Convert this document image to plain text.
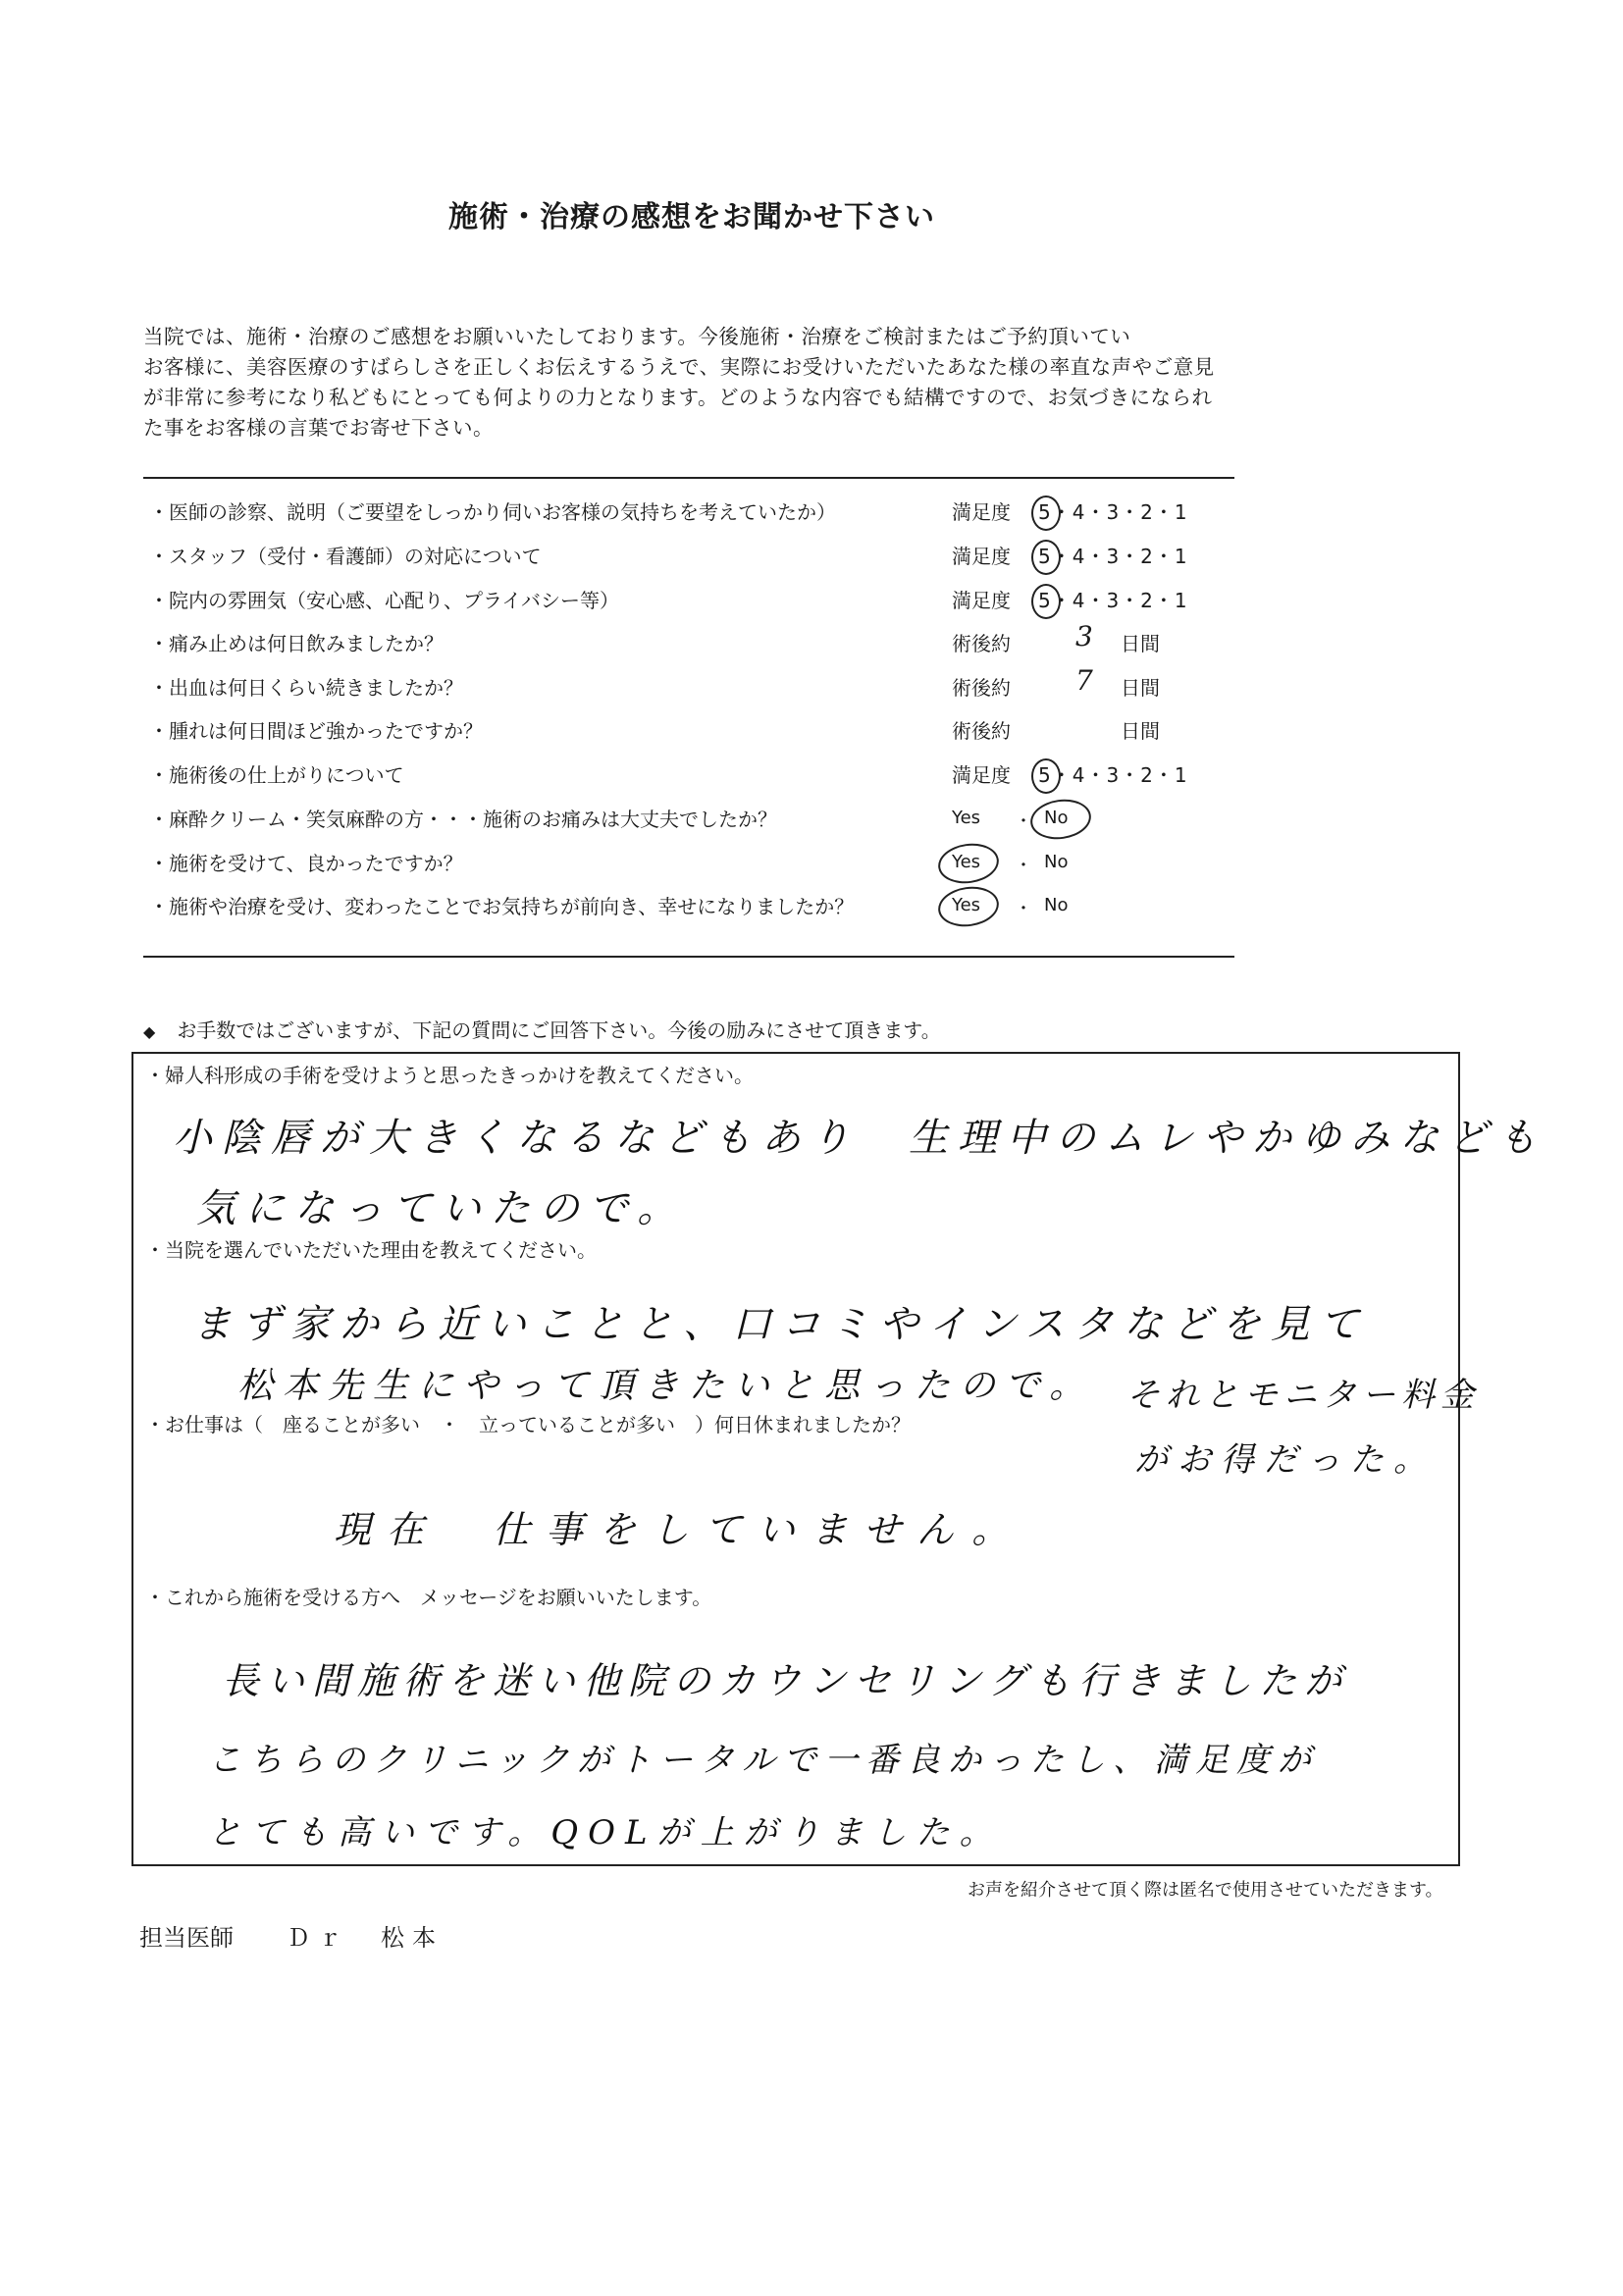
施術・治療の感想をお聞かせ下さい
当院では、施術・治療のご感想をお願いいたしております。今後施術・治療をご検討またはご予約頂いてい
お客様に、美容医療のすばらしさを正しくお伝えするうえで、実際にお受けいただいたあなた様の率直な声やご意見
が非常に参考になり私どもにとっても何よりの力となります。どのような内容でも結構ですので、お気づきになられ
た事をお客様の言葉でお寄せ下さい。
・医師の診察、説明（ご要望をしっかり伺いお客様の気持ちを考えていたか）	満足度 5・4・3・2・1
・スタッフ（受付・看護師）の対応について	満足度 5・4・3・2・1
・院内の雰囲気（安心感、心配り、プライバシー等）	満足度 5・4・3・2・1
・痛み止めは何日飲みましたか？	術後約 3 日間
・出血は何日くらい続きましたか？	術後約 7 日間
・腫れは何日間ほど強かったですか？	術後約	日間
・施術後の仕上がりについて	満足度 5・4・3・2・1
・麻酔クリーム・笑気麻酔の方・・・施術のお痛みは大丈夫でしたか？	Yes ・ No
・施術を受けて、良かったですか？	Yes ・ No
・施術や治療を受け、変わったことでお気持ちが前向き、幸せになりましたか？	Yes ・ No
◆ お手数ではございますが、下記の質問にご回答下さい。今後の励みにさせて頂きます。
・婦人科形成の手術を受けようと思ったきっかけを教えてください。
小陰唇が大きくなるなどもあり　生理中のムレやかゆみなども
気になっていたので。
・当院を選んでいただいた理由を教えてください。
まず家から近いことと、口コミやインスタなどを見て
松本先生にやって頂きたいと思ったので。 それとモニター料金
がお得だった。
・お仕事は（　座ることが多い　・　立っていることが多い　）何日休まれましたか？
現在　仕事をしていません。
・これから施術を受ける方へ　メッセージをお願いいたします。
長い間施術を迷い他院のカウンセリングも行きましたが
こちらのクリニックがトータルで一番良かったし、満足度が
とても高いです。QOLが上がりました。
お声を紹介させて頂く際は匿名で使用させていただきます。
担当医師 Ｄｒ　松本
